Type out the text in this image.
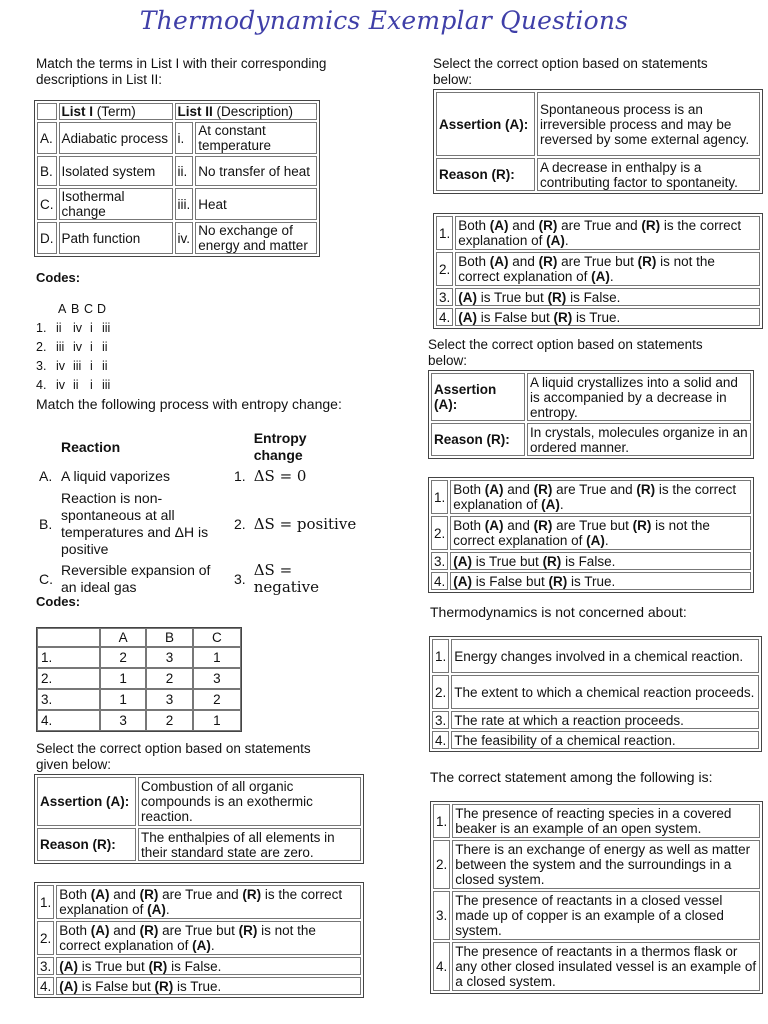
Thermodynamics Exemplar Questions

Match the terms in List I with their corresponding descriptions in List II:

	List I (Term)	List II (Description)	
A.	Adiabatic process	i.	At constant temperature
B.	Isolated system	ii.	No transfer of heat
C.	Isothermal change	iii.	Heat
D.	Path function	iv.	No exchange of energy and matter
Codes:
A B C D
1. ii iv i iii
2. iii iv i ii
3. iv iii i ii
4. iv ii i iii
Match the following process with entropy change:
	Reaction		Entropy change
A.	A liquid vaporizes	1.	ΔS = 0
B.	Reaction is non-spontaneous at all temperatures and ΔH is positive	2.	ΔS = positive
C.	Reversible expansion of an ideal gas	3.	ΔS = negative
Codes:
	A	B	C
1.	2	3	1
2.	1	2	3
3.	1	3	2
4.	3	2	1
Select the correct option based on statements given below:
Assertion (A):	Combustion of all organic compounds is an exothermic reaction.
Reason (R):	The enthalpies of all elements in their standard state are zero.
1.	Both (A) and (R) are True and (R) is the correct explanation of (A).
2.	Both (A) and (R) are True but (R) is not the correct explanation of (A).
3.	(A) is True but (R) is False.
4.	(A) is False but (R) is True.
Select the correct option based on statements below:
Assertion (A):	Spontaneous process is an irreversible process and may be reversed by some external agency.
Reason (R):	A decrease in enthalpy is a contributing factor to spontaneity.
1.	Both (A) and (R) are True and (R) is the correct explanation of (A).
2.	Both (A) and (R) are True but (R) is not the correct explanation of (A).
3.	(A) is True but (R) is False.
4.	(A) is False but (R) is True.
Select the correct option based on statements below:
Assertion (A):	A liquid crystallizes into a solid and is accompanied by a decrease in entropy.
Reason (R):	In crystals, molecules organize in an ordered manner.
1.	Both (A) and (R) are True and (R) is the correct explanation of (A).
2.	Both (A) and (R) are True but (R) is not the correct explanation of (A).
3.	(A) is True but (R) is False.
4.	(A) is False but (R) is True.
Thermodynamics is not concerned about:
1.	Energy changes involved in a chemical reaction.
2.	The extent to which a chemical reaction proceeds.
3.	The rate at which a reaction proceeds.
4.	The feasibility of a chemical reaction.
The correct statement among the following is:
1.	The presence of reacting species in a covered beaker is an example of an open system.
2.	There is an exchange of energy as well as matter between the system and the surroundings in a closed system.
3.	The presence of reactants in a closed vessel made up of copper is an example of a closed system.
4.	The presence of reactants in a thermos flask or any other closed insulated vessel is an example of a closed system.
